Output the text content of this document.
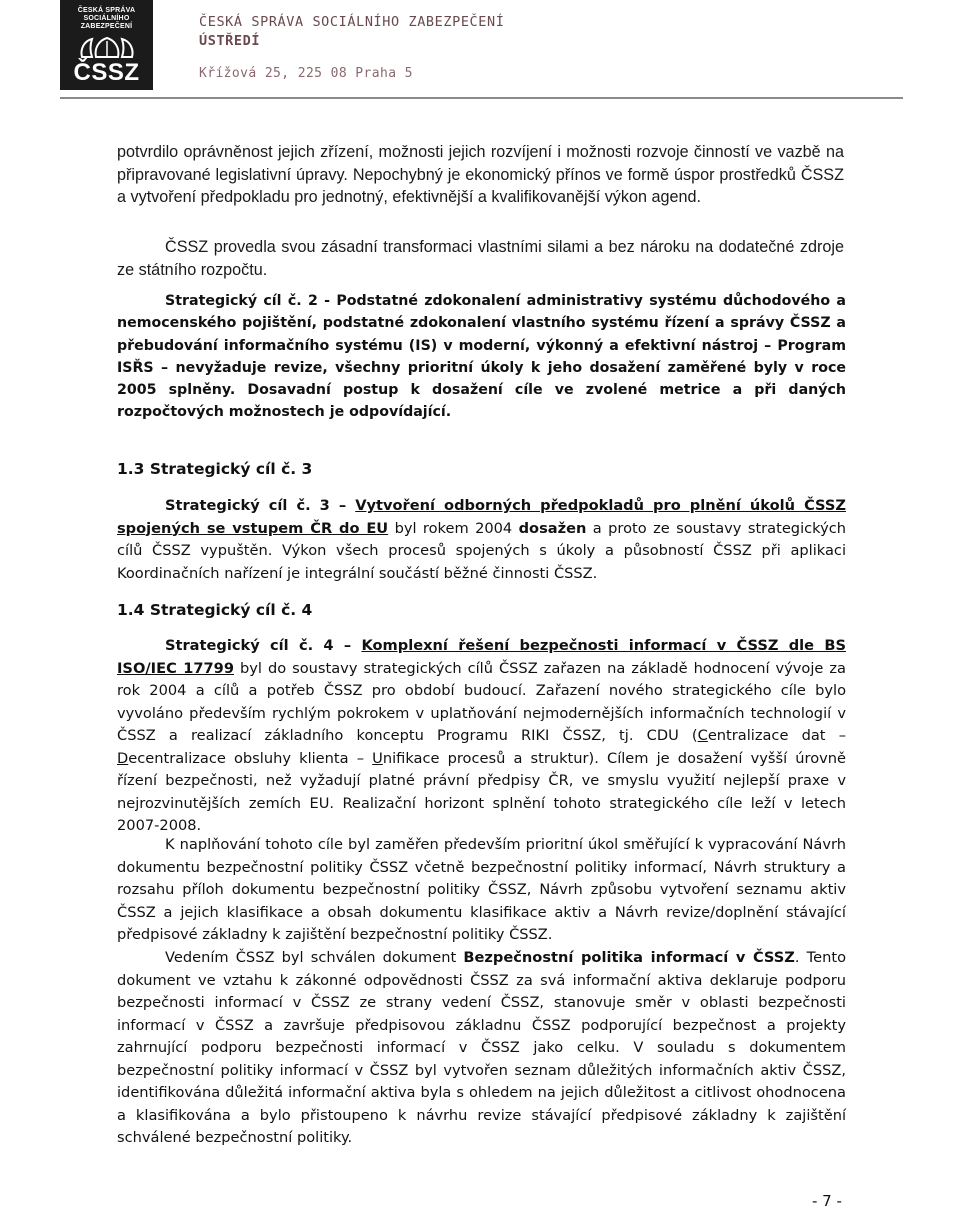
ČESKÁ SPRÁVA SOCIÁLNÍHO ZABEZPEČENÍ
ČSSZ
ČESKÁ SPRÁVA SOCIÁLNÍHO ZABEZPEČENÍ
ÚSTŘEDÍ
Křížová 25, 225 08 Praha 5

potvrdilo oprávněnost jejich zřízení, možnosti jejich rozvíjení i možnosti rozvoje činností ve vazbě na připravované legislativní úpravy. Nepochybný je ekonomický přínos ve formě úspor prostředků ČSSZ a vytvoření předpokladu pro jednotný, efektivnější a kvalifikovanější výkon agend.

ČSSZ provedla svou zásadní transformaci vlastními silami a bez nároku na dodatečné zdroje ze státního rozpočtu.

Strategický cíl č. 2 - Podstatné zdokonalení administrativy systému důchodového a nemocenského pojištění, podstatné zdokonalení vlastního systému řízení a správy ČSSZ a přebudování informačního systému (IS) v moderní, výkonný a efektivní nástroj – Program ISŘS – nevyžaduje revize, všechny prioritní úkoly k jeho dosažení zaměřené byly v roce 2005 splněny. Dosavadní postup k dosažení cíle ve zvolené metrice a při daných rozpočtových možnostech je odpovídající.

1.3 Strategický cíl č. 3

Strategický cíl č. 3 – Vytvoření odborných předpokladů pro plnění úkolů ČSSZ spojených se vstupem ČR do EU byl rokem 2004 dosažen a proto ze soustavy strategických cílů ČSSZ vypuštěn. Výkon všech procesů spojených s úkoly a působností ČSSZ při aplikaci Koordinačních nařízení je integrální součástí běžné činnosti ČSSZ.

1.4 Strategický cíl č. 4

Strategický cíl č. 4 – Komplexní řešení bezpečnosti informací v ČSSZ dle BS ISO/IEC 17799 byl do soustavy strategických cílů ČSSZ zařazen na základě hodnocení vývoje za rok 2004 a cílů a potřeb ČSSZ pro období budoucí. Zařazení nového strategického cíle bylo vyvoláno především rychlým pokrokem v uplatňování nejmodernějších informačních technologií v ČSSZ a realizací základního konceptu Programu RIKI ČSSZ, tj. CDU (Centralizace dat – Decentralizace obsluhy klienta – Unifikace procesů a struktur). Cílem je dosažení vyšší úrovně řízení bezpečnosti, než vyžadují platné právní předpisy ČR, ve smyslu využití nejlepší praxe v nejrozvinutějších zemích EU. Realizační horizont splnění tohoto strategického cíle leží v letech 2007-2008.

K naplňování tohoto cíle byl zaměřen především prioritní úkol směřující k vypracování Návrh dokumentu bezpečnostní politiky ČSSZ včetně bezpečnostní politiky informací, Návrh struktury a rozsahu příloh dokumentu bezpečnostní politiky ČSSZ, Návrh způsobu vytvoření seznamu aktiv ČSSZ a jejich klasifikace a obsah dokumentu klasifikace aktiv a Návrh revize/doplnění stávající předpisové základny k zajištění bezpečnostní politiky ČSSZ.

Vedením ČSSZ byl schválen dokument Bezpečnostní politika informací v ČSSZ. Tento dokument ve vztahu k zákonné odpovědnosti ČSSZ za svá informační aktiva deklaruje podporu bezpečnosti informací v ČSSZ ze strany vedení ČSSZ, stanovuje směr v oblasti bezpečnosti informací v ČSSZ a završuje předpisovou základnu ČSSZ podporující bezpečnost a projekty zahrnující podporu bezpečnosti informací v ČSSZ jako celku. V souladu s dokumentem bezpečnostní politiky informací v ČSSZ byl vytvořen seznam důležitých informačních aktiv ČSSZ, identifikována důležitá informační aktiva byla s ohledem na jejich důležitost a citlivost ohodnocena a klasifikována a bylo přistoupeno k návrhu revize stávající předpisové základny k zajištění schválené bezpečnostní politiky.

- 7 -
